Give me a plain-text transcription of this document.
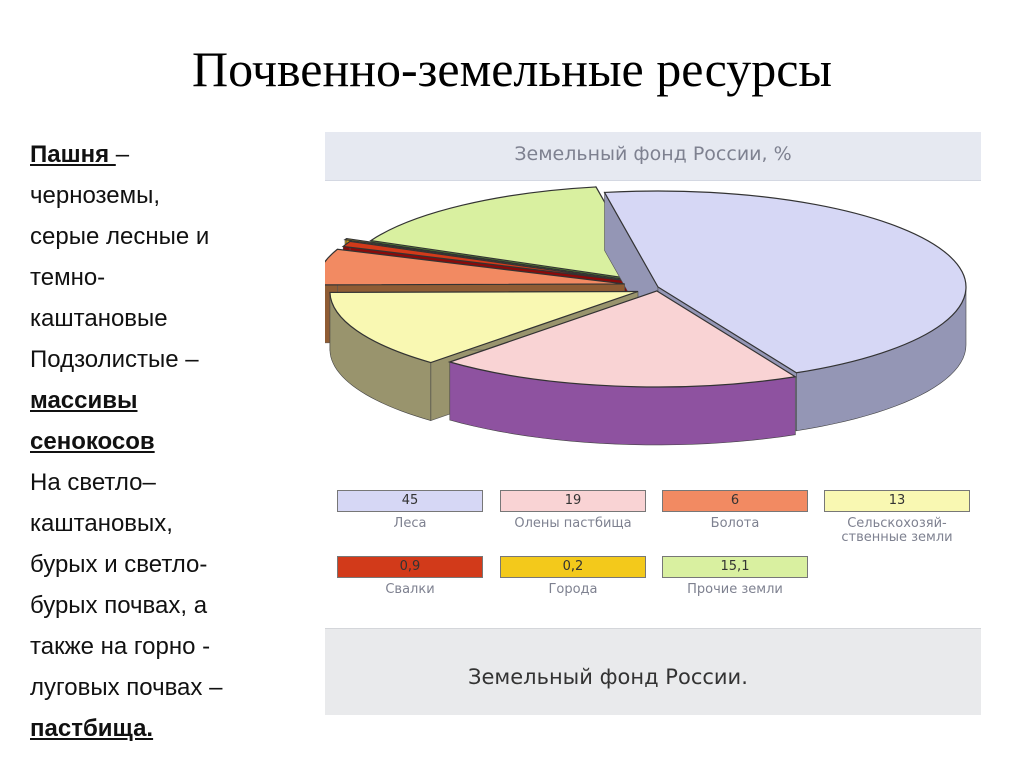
Почвенно-земельные ресурсы
Пашня –
черноземы,
серые лесные и
темно-
каштановые
Подзолистые –
массивы
сенокосов
На светло–
каштановых,
бурых и светло-
бурых почвах, а
также на горно -
луговых почвах –
пастбища.
Земельный фонд России, %
45
Леса
19
Олены пастбища
6
Болота
13
Сельскохозяй-ственные земли
0,9
Свалки
0,2
Города
15,1
Прочие земли
Земельный фонд России.
